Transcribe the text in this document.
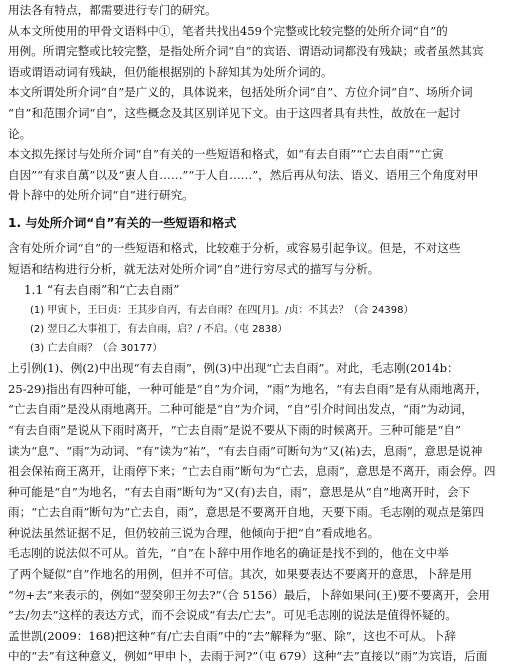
用法各有特点，都需要进行专门的研究。
从本文所使用的甲骨文语料中①，笔者共找出459个完整或比较完整的处所介词“自”的
用例。所谓完整或比较完整，是指处所介词“自”的宾语、谓语动词都没有残缺；或者虽然其宾
语或谓语动词有残缺，但仍能根据别的卜辞知其为处所介词的。
本文所谓处所介词“自”是广义的，具体说来，包括处所介词“自”、方位介词“自”、场所介词
“自”和范围介词“自”，这些概念及其区别详见下文。由于这四者具有共性，故放在一起讨
论。
本文拟先探讨与处所介词“自”有关的一些短语和格式，如“有去自雨”“亡去自雨”“亡寅
自因”“有求自萬”以及“叀人自……”“于人自……”，然后再从句法、语义、语用三个角度对甲
骨卜辞中的处所介词“自”进行研究。
1. 与处所介词“自”有关的一些短语和格式
含有处所介词“自”的一些短语和格式，比较难于分析，或容易引起争议。但是，不对这些
短语和结构进行分析，就无法对处所介词“自”进行穷尽式的描写与分析。
1.1 “有去自雨”和“亡去自雨”
(1) 甲寅卜，王曰贞：王其步自丙，有去自雨？在四[月]。/贞：不其去？（合 24398）
(2) 翌日乙大事祖丁，有去自雨，启？/ 不启。（屯 2838）
(3) 亡去自雨？（合 30177）
上引例(1)、例(2)中出现“有去自雨”，例(3)中出现“亡去自雨”。对此，毛志刚(2014b：
25-29)指出有四种可能，一种可能是“自”为介词，“雨”为地名，“有去自雨”是有从雨地离开，
“亡去自雨”是没从雨地离开。二种可能是“自”为介词，“自”引介时间出发点，“雨”为动词，
“有去自雨”是说从下雨时离开，“亡去自雨”是说不要从下雨的时候离开。三种可能是“自”
读为“息”、“雨”为动词、“有”读为“祐”，“有去自雨”可断句为“又(祐)去，息雨”，意思是说神
祖会保祐商王离开，让雨停下来；“亡去自雨”断句为“亡去，息雨”，意思是不离开，雨会停。四
种可能是“自”为地名，“有去自雨”断句为“又(有)去自，雨”，意思是从“自”地离开时，会下
雨；“亡去自雨”断句为“亡去自，雨”，意思是不要离开自地，天要下雨。毛志刚的观点是第四
种说法虽然证据不足，但仍较前三说为合理，他倾向于把“自”看成地名。
毛志刚的说法似不可从。首先，“自”在卜辞中用作地名的确证是找不到的，他在文中举
了两个疑似“自”作地名的用例，但并不可信。其次，如果要表达不要离开的意思，卜辞是用
“勿+去”来表示的，例如“翌癸卯王勿去?”（合 5156）最后，卜辞如果问(王)要不要离开，会用
“去/勿去”这样的表达方式，而不会说成“有去/亡去”。可见毛志刚的说法是值得怀疑的。
孟世凯(2009：168)把这种“有/亡去自雨”中的“去”解释为“驱、除”，这也不可从。卜辞
中的“去”有这种意义，例如“甲申卜，去雨于河?”（屯 679）这种“去”直接以“雨”为宾语，后面
